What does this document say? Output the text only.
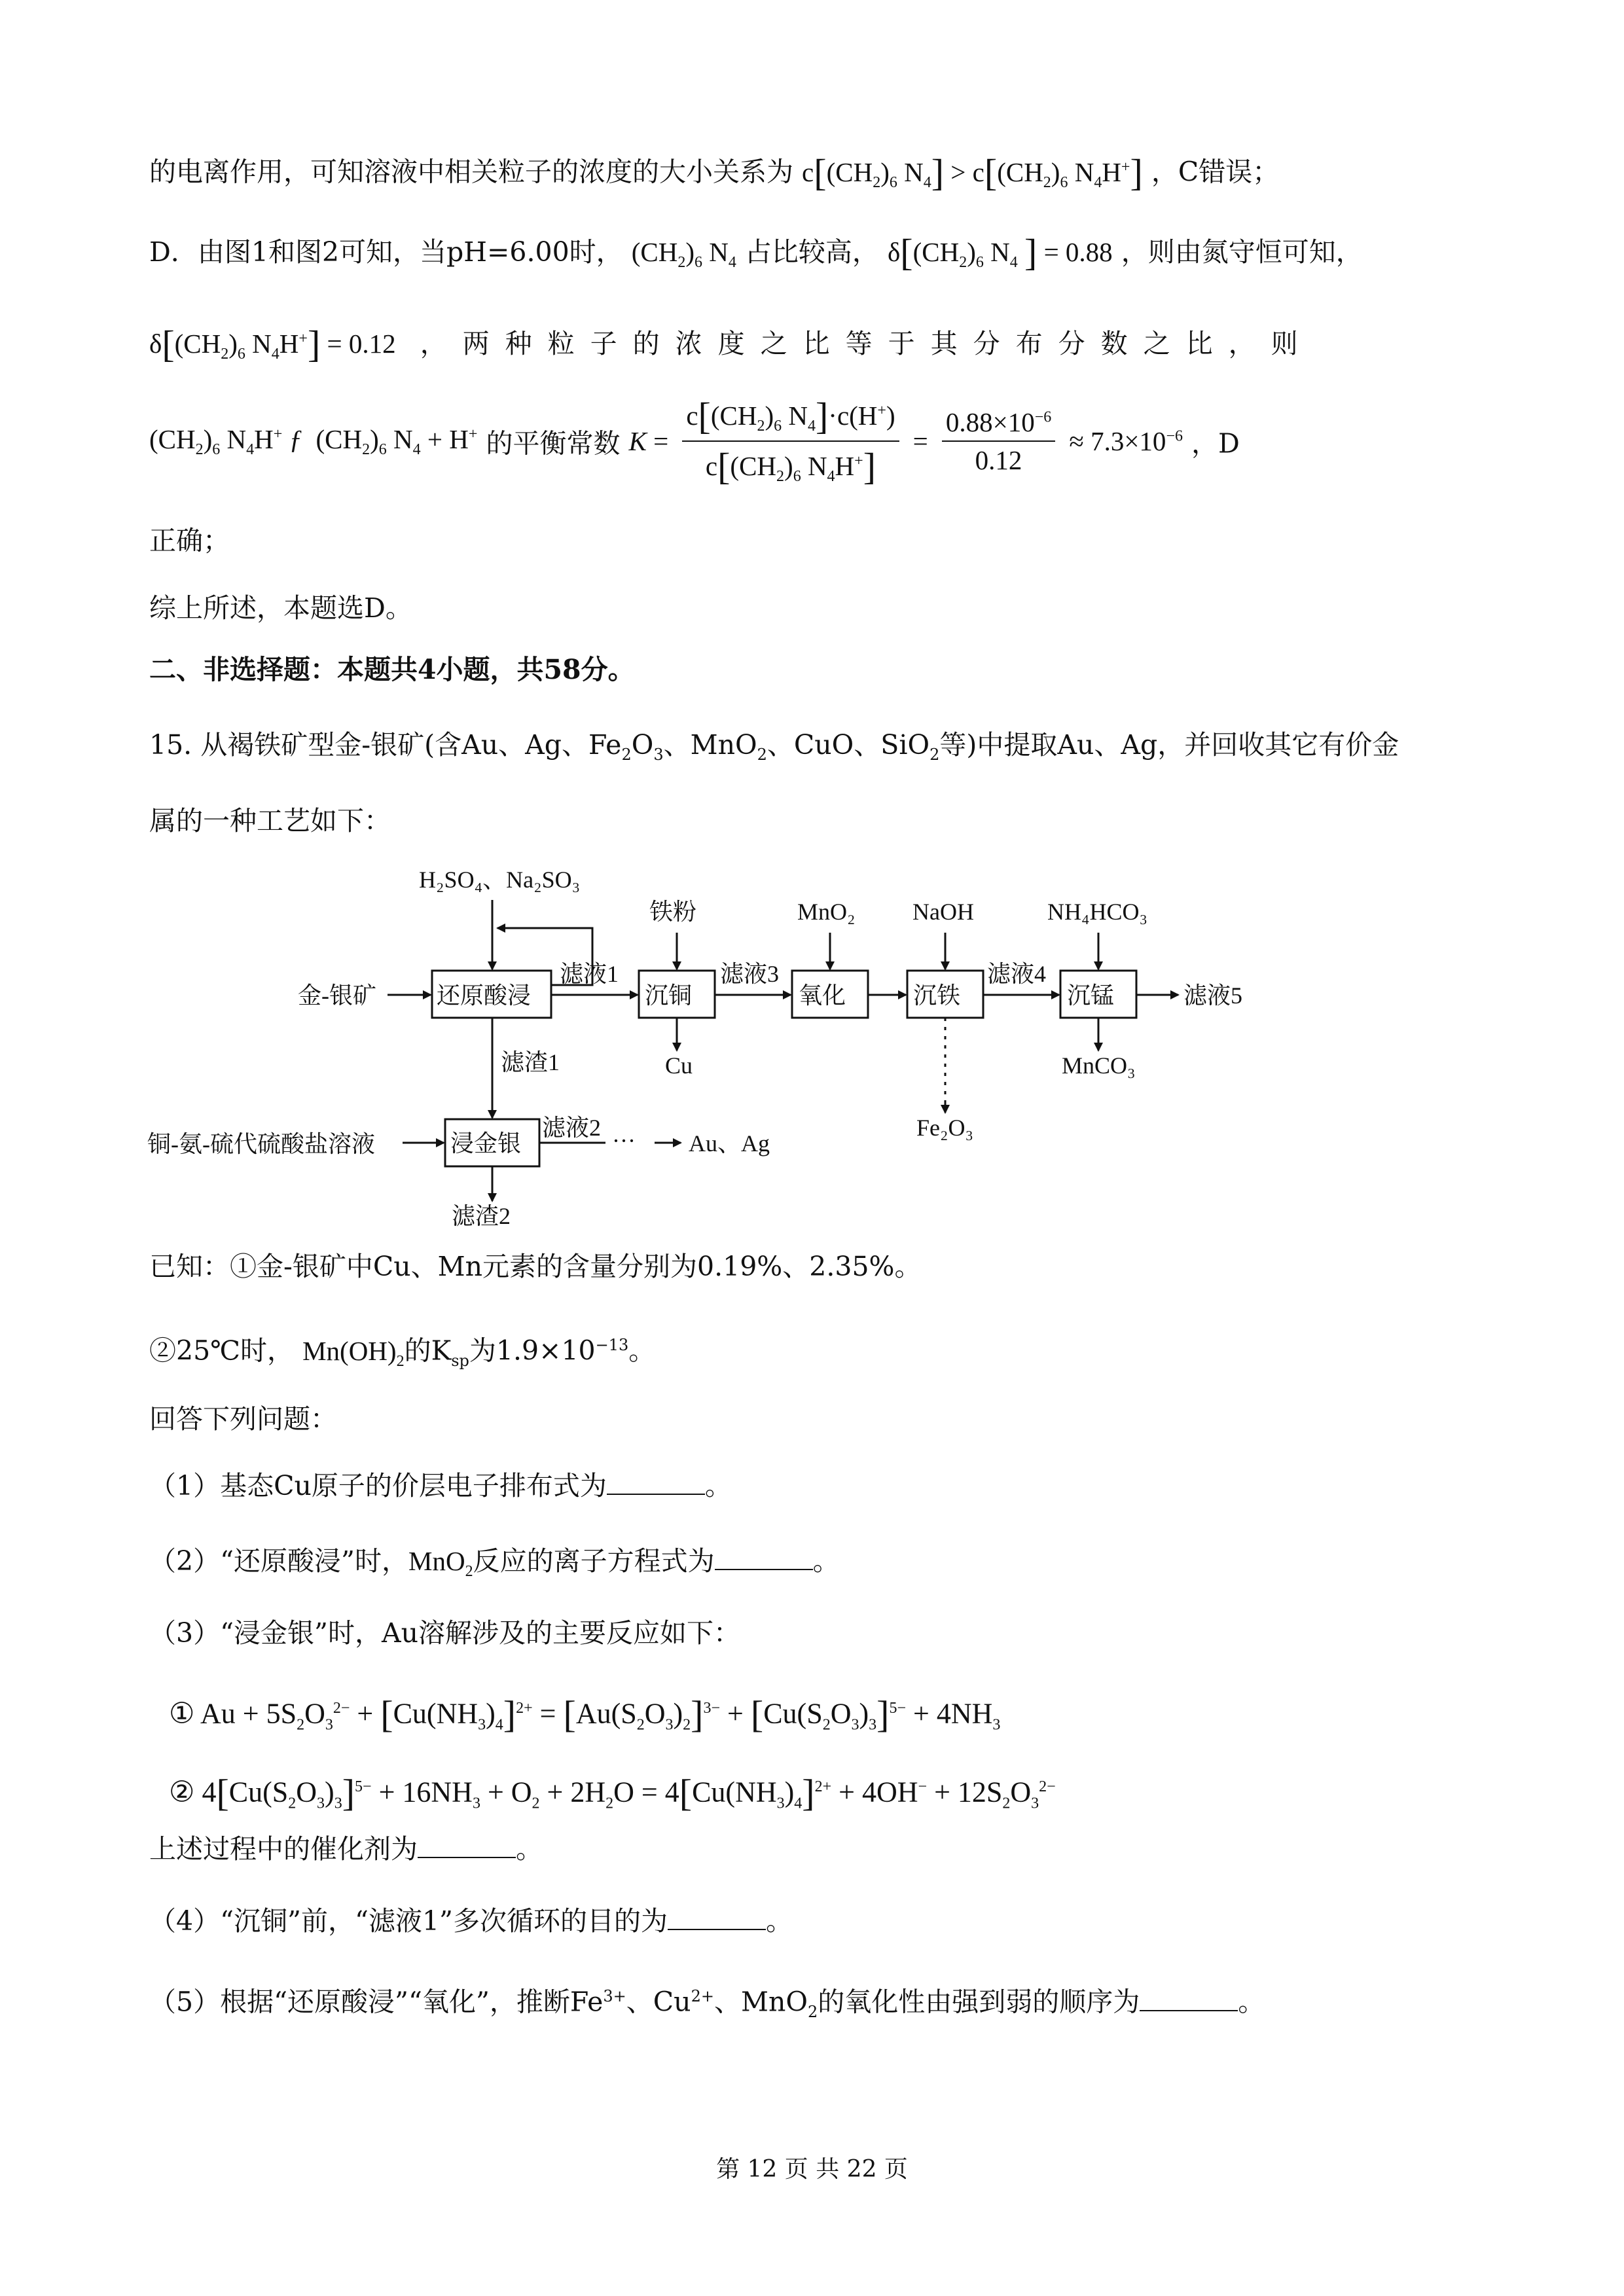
的电离作用，可知溶液中相关粒子的浓度的大小关系为 $c[(CH_2)_6$ $N_4] > c[(CH_2)_6$ $N_4H^+$] ，C错误；
D．由图1和图2可知，当pH=6.00时， $(CH_2)_6$ $N_4$ 占比较高， $\delta[(CH_2)_6$ $N_4$ ] = 0.88 ，则由氮守恒可知，
$\delta[(CH_2)_6$ $N_4H^+] = 0.12$ ，两种粒子的浓度之比等于其分布分数之比，则
$(CH_2)_6$ $N_4H^+$ ƒ  $(CH_2)_6$ $N_4 + H^+$ 的平衡常数 $K = \frac{c[(CH_2)_6 N_4]\cdot c(H^+)}{c[(CH_2)_6 N_4H^+]} = \frac{0.88\times 10^{-6}}{0.12} \approx 7.3\times 10^{-6}$ ，D
正确；
综上所述，本题选D。
二、非选择题：本题共4小题，共58分。
15. 从褐铁矿型金-银矿(含Au、Ag、$Fe_2O_3$、MnO$_2$、CuO、SiO$_2$等)中提取Au、Ag，并回收其它有价金
属的一种工艺如下：
H₂SO₄、Na₂SO₃
金-银矿	还原酸浸
滤液1
沉铜
铁粉
Cu
滤液3
氧化
MnO₂
沉铁
NaOH
Fe₂O₃
滤液4
沉锰
NH₄HCO₃
MnCO₃
滤液5
滤渣1
铜-氨-硫代硫酸盐溶液	浸金银
滤液2 ··· Au、Ag
滤渣2
已知：①金-银矿中Cu、Mn元素的含量分别为0.19%、2.35%。
②25℃时， $Mn(OH)_2$的$K_{sp}$为$1.9\times 10^{-13}$。
回答下列问题：
（1）基态Cu原子的价层电子排布式为	。
（2）“还原酸浸”时，MnO$_2$反应的离子方程式为	。
（3）“浸金银”时，Au溶解涉及的主要反应如下：
① $Au + 5S_2O_3^{2-} + [Cu(NH_3)_4]^{2+} = [Au(S_2O_3)_2]^{3-} + [Cu(S_2O_3)_3]^{5-} + 4NH_3$
② $4[Cu(S_2O_3)_3]^{5-} + 16NH_3 + O_2 + 2H_2O = 4[Cu(NH_3)_4]^{2+} + 4OH^- + 12S_2O_3^{2-}$
上述过程中的催化剂为	。
（4）“沉铜”前，“滤液1”多次循环的目的为	。
（5）根据“还原酸浸”“氧化”，推断$Fe^{3+}$、$Cu^{2+}$、MnO$_2$的氧化性由强到弱的顺序为	。
第 12 页 共 22 页
